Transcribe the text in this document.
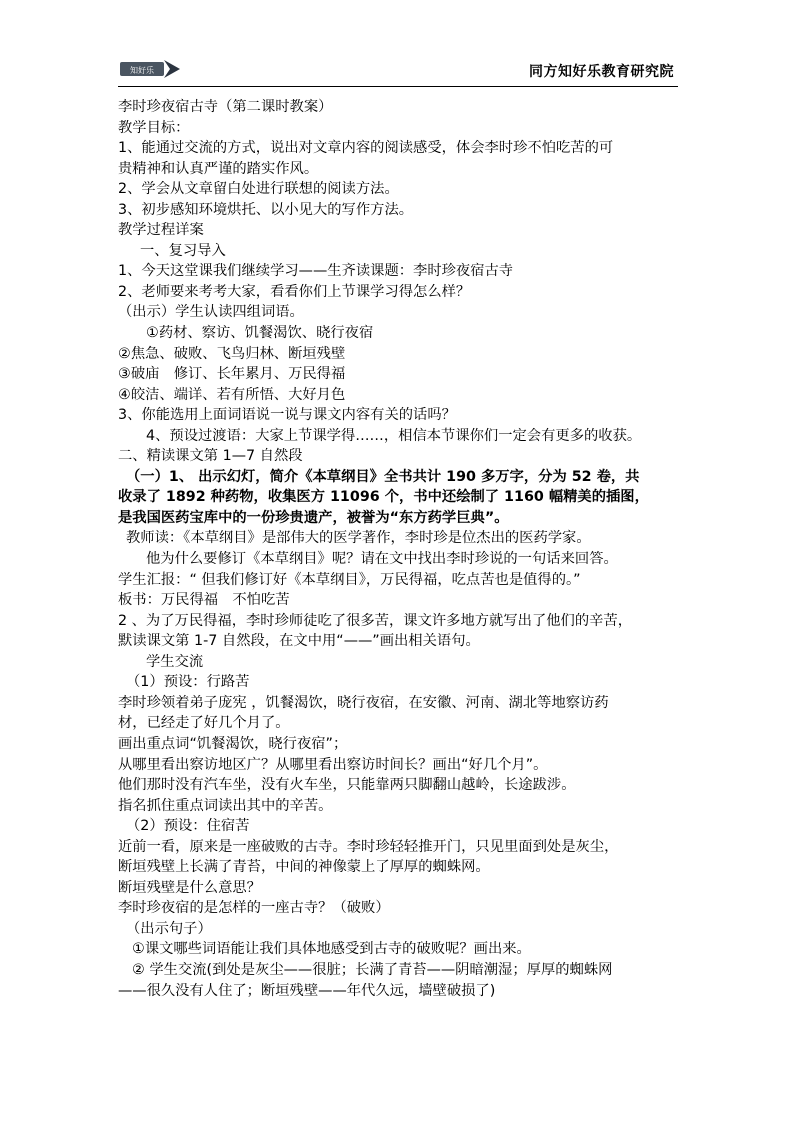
知好乐	同方知好乐教育研究院
李时珍夜宿古寺（第二课时教案）
教学目标：
1、能通过交流的方式，说出对文章内容的阅读感受，体会李时珍不怕吃苦的可
贵精神和认真严谨的踏实作风。
2、学会从文章留白处进行联想的阅读方法。
3、初步感知环境烘托、以小见大的写作方法。
教学过程详案
一、复习导入
1、今天这堂课我们继续学习——生齐读课题：李时珍夜宿古寺
2、老师要来考考大家，看看你们上节课学习得怎么样？
（出示）学生认读四组词语。
①药材、察访、饥餐渴饮、晓行夜宿
②焦急、破败、飞鸟归林、断垣残壁
③破庙　修订、长年累月、万民得福
④皎洁、端详、若有所悟、大好月色
3、你能选用上面词语说一说与课文内容有关的话吗？
4、预设过渡语：大家上节课学得……，相信本节课你们一定会有更多的收获。
二、精读课文第 1—7 自然段
（一）1、 出示幻灯，简介《本草纲目》全书共计 190 多万字，分为 52 卷，共
收录了 1892 种药物，收集医方 11096 个，书中还绘制了 1160 幅精美的插图，
是我国医药宝库中的一份珍贵遗产，被誉为“东方药学巨典”。
教师读：《本草纲目》是部伟大的医学著作，李时珍是位杰出的医药学家。
他为什么要修订《本草纲目》呢？请在文中找出李时珍说的一句话来回答。
学生汇报：“ 但我们修订好《本草纲目》，万民得福，吃点苦也是值得的。”
板书：万民得福　不怕吃苦
2 、为了万民得福，李时珍师徒吃了很多苦，课文许多地方就写出了他们的辛苦，
默读课文第 1-7 自然段，在文中用“——”画出相关语句。
学生交流
（1）预设：行路苦
李时珍领着弟子庞宪 ，饥餐渴饮，晓行夜宿，在安徽、河南、湖北等地察访药
材，已经走了好几个月了。
画出重点词“饥餐渴饮，晓行夜宿”；
从哪里看出察访地区广？从哪里看出察访时间长？画出“好几个月”。
他们那时没有汽车坐，没有火车坐，只能靠两只脚翻山越岭，长途跋涉。
指名抓住重点词读出其中的辛苦。
（2）预设：住宿苦
近前一看，原来是一座破败的古寺。李时珍轻轻推开门，只见里面到处是灰尘，
断垣残壁上长满了青苔，中间的神像蒙上了厚厚的蜘蛛网。
断垣残壁是什么意思？
李时珍夜宿的是怎样的一座古寺？（破败）
（出示句子）
①课文哪些词语能让我们具体地感受到古寺的破败呢？画出来。
② 学生交流(到处是灰尘——很脏；长满了青苔——阴暗潮湿；厚厚的蜘蛛网
——很久没有人住了；断垣残壁——年代久远，墙壁破损了)
